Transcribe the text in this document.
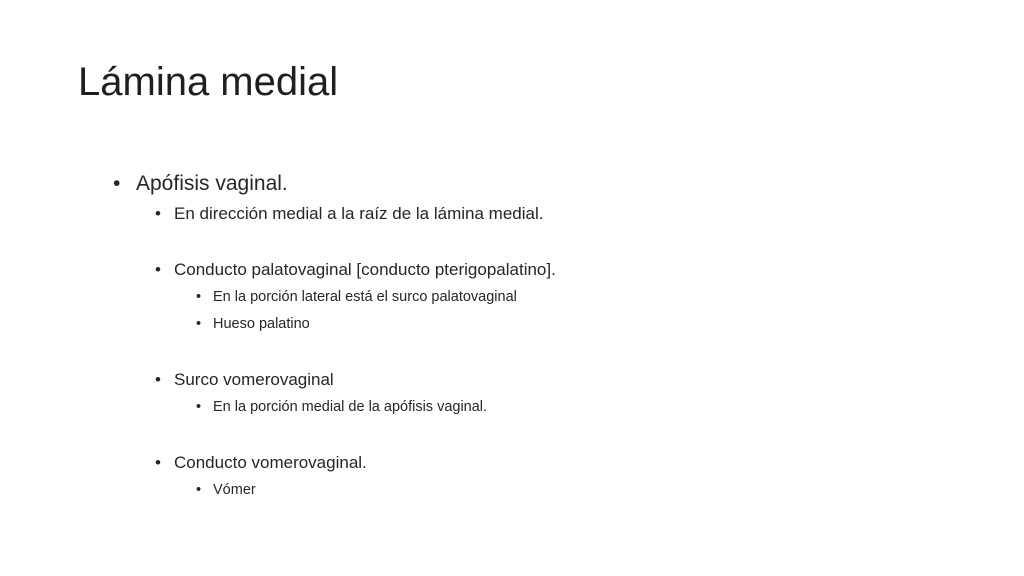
Lámina medial
• Apófisis vaginal.
• En dirección medial a la raíz de la lámina medial.
• Conducto palatovaginal [conducto pterigopalatino].
• En la porción lateral está el surco palatovaginal
• Hueso palatino
• Surco vomerovaginal
• En la porción medial de la apófisis vaginal.
• Conducto vomerovaginal.
• Vómer
